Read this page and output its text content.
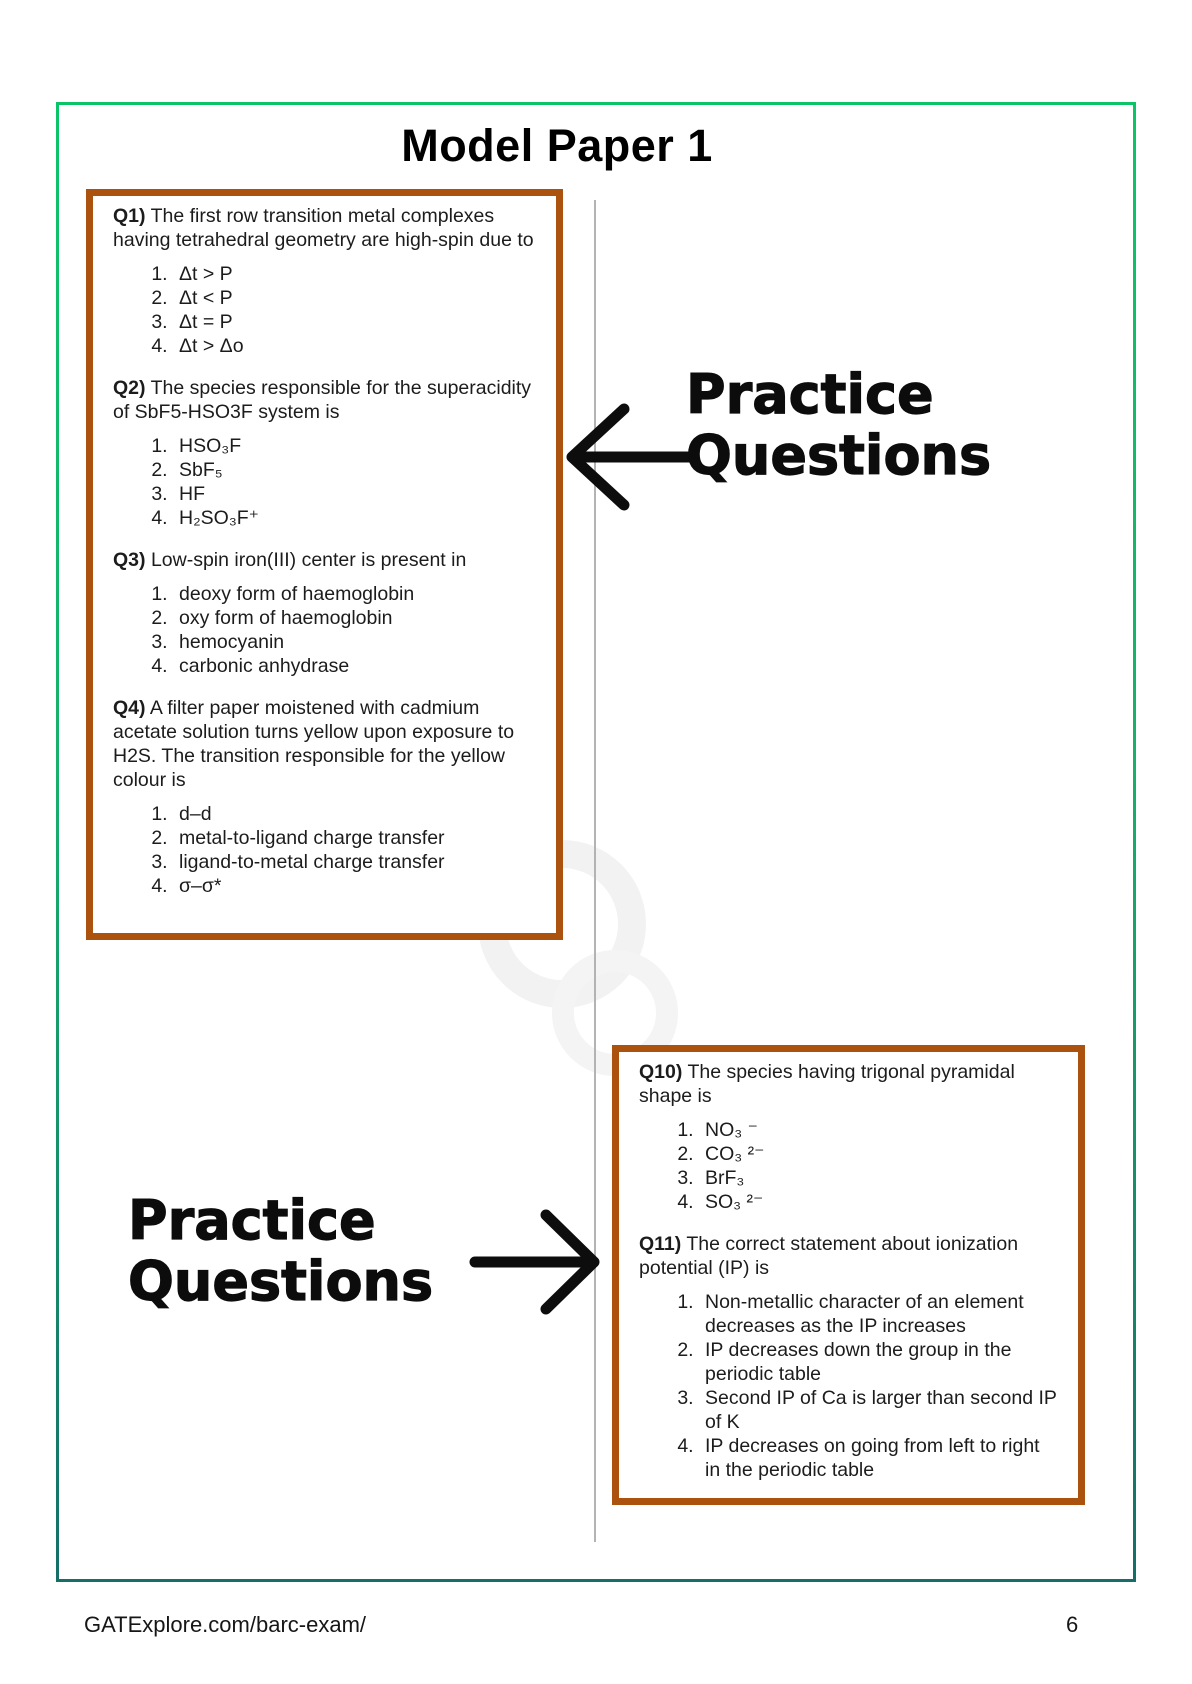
Model Paper 1

Q1) The first row transition metal complexes having tetrahedral geometry are high-spin due to

1. Δt > P
2. Δt < P
3. Δt = P
4. Δt > Δo

Q2) The species responsible for the superacidity of SbF5-HSO3F system is

1. HSO₃F
2. SbF₅
3. HF
4. H₂SO₃F⁺

Q3) Low-spin iron(III) center is present in

1. deoxy form of haemoglobin
2. oxy form of haemoglobin
3. hemocyanin
4. carbonic anhydrase

Q4) A filter paper moistened with cadmium acetate solution turns yellow upon exposure to H2S. The transition responsible for the yellow colour is

1. d–d
2. metal-to-ligand charge transfer
3. ligand-to-metal charge transfer
4. σ–σ*

Q10) The species having trigonal pyramidal shape is

1. NO₃ ⁻
2. CO₃ ²⁻
3. BrF₃
4. SO₃ ²⁻

Q11) The correct statement about ionization potential (IP) is

1. Non-metallic character of an element decreases as the IP increases
2. IP decreases down the group in the periodic table
3. Second IP of Ca is larger than second IP of K
4. IP decreases on going from left to right in the periodic table
Practice
Questions
Practice
Questions
GATExplore.com/barc-exam/	6
